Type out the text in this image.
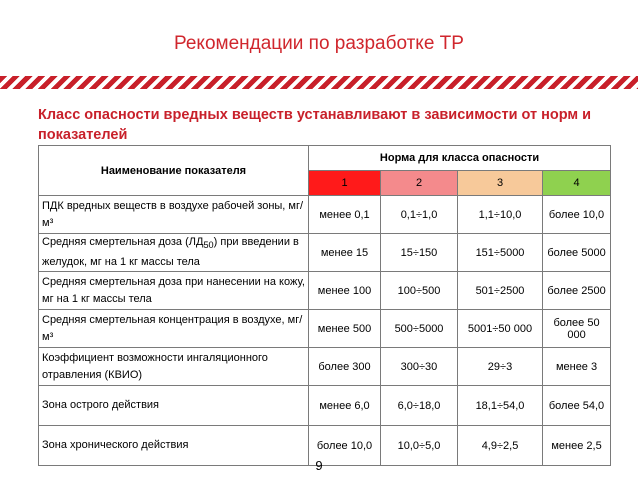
Рекомендации по разработке ТР
Класс опасности вредных веществ устанавливают в зависимости от норм и показателей
Наименование показателя	Норма для класса опасности			
	1	2	3	4
ПДК вредных веществ в воздухе рабочей зоны, мг/м³	менее 0,1	0,1÷1,0	1,1÷10,0	более 10,0
Средняя смертельная доза $(ЛД_{50})$ при введении в желудок, мг на 1 кг массы тела	менее 15	15÷150	151÷5000	более 5000
Средняя смертельная доза при нанесении на кожу, мг на 1 кг массы тела	менее 100	100÷500	501÷2500	более 2500
Средняя смертельная концентрация в воздухе, мг/м³	менее 500	500÷5000	5001÷50 000	более 50 000
Коэффициент возможности ингаляционного отравления (КВИО)	более 300	300÷30	29÷3	менее 3
Зона острого действия	менее 6,0	6,0÷18,0	18,1÷54,0	более 54,0
Зона хронического действия	более 10,0	10,0÷5,0	4,9÷2,5	менее 2,5
9
